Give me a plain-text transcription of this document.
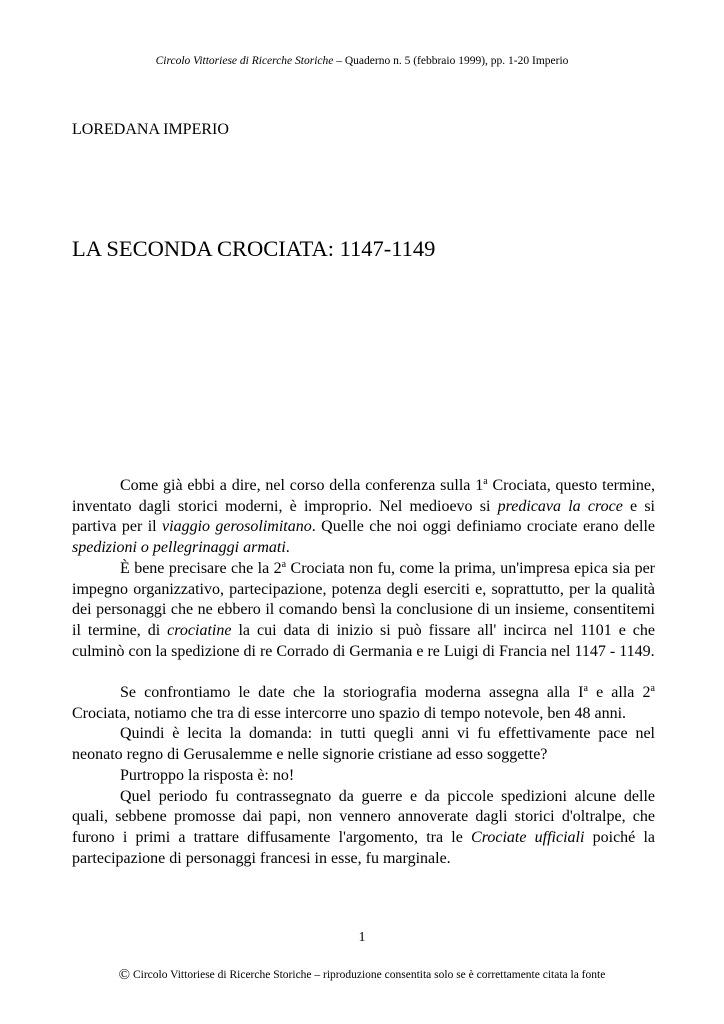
Circolo Vittoriese di Ricerche Storiche – Quaderno n. 5 (febbraio 1999), pp. 1-20 Imperio
LOREDANA IMPERIO
LA SECONDA CROCIATA: 1147-1149

Come già ebbi a dire, nel corso della conferenza sulla 1$^a$ Crociata, questo termine, inventato dagli storici moderni, è improprio. Nel medioevo si predicava la croce e si partiva per il viaggio gerosolimitano. Quelle che noi oggi definiamo crociate erano delle spedizioni o pellegrinaggi armati.

È bene precisare che la 2$^a$ Crociata non fu, come la prima, un'impresa epica sia per impegno organizzativo, partecipazione, potenza degli eserciti e, soprattutto, per la qualità dei personaggi che ne ebbero il comando bensì la conclusione di un insieme, consentitemi il termine, di crociatine la cui data di inizio si può fissare all' incirca nel 1101 e che culminò con la spedizione di re Corrado di Germania e re Luigi di Francia nel 1147 - 1149.

Se confrontiamo le date che la storiografia moderna assegna alla $I^a$ e alla 2$^a$ Crociata, notiamo che tra di esse intercorre uno spazio di tempo notevole, ben 48 anni.

Quindi è lecita la domanda: in tutti quegli anni vi fu effettivamente pace nel neonato regno di Gerusalemme e nelle signorie cristiane ad esso soggette?

Purtroppo la risposta è: no!

Quel periodo fu contrassegnato da guerre e da piccole spedizioni alcune delle quali, sebbene promosse dai papi, non vennero annoverate dagli storici d'oltralpe, che furono i primi a trattare diffusamente l'argomento, tra le Crociate ufficiali poiché la partecipazione di personaggi francesi in esse, fu marginale.

1
© Circolo Vittoriese di Ricerche Storiche – riproduzione consentita solo se è correttamente citata la fonte
